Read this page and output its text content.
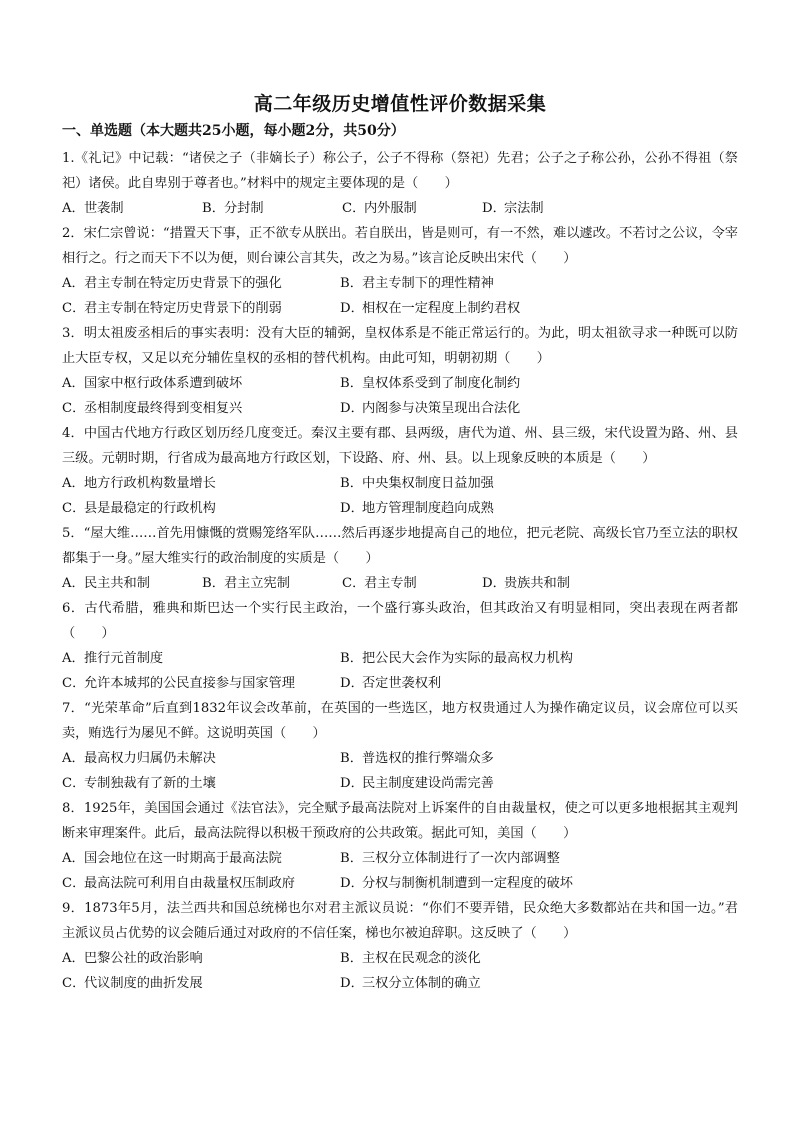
高二年级历史增值性评价数据采集
一、单选题（本大题共25小题，每小题2分，共50分）

1.《礼记》中记载：“诸侯之子（非嫡长子）称公子，公子不得称（祭祀）先君；公子之子称公孙，公孙不得祖（祭祀）诸侯。此自卑别于尊者也。”材料中的规定主要体现的是（　　）

A．世袭制	B．分封制	C．内外服制	D．宗法制

2．宋仁宗曾说：“措置天下事，正不欲专从朕出。若自朕出，皆是则可，有一不然，难以遽改。不若讨之公议，令宰相行之。行之而天下不以为便，则台谏公言其失，改之为易。”该言论反映出宋代（　　）

A．君主专制在特定历史背景下的强化	B．君主专制下的理性精神
C．君主专制在特定历史背景下的削弱	D．相权在一定程度上制约君权

3．明太祖废丞相后的事实表明：没有大臣的辅弼，皇权体系是不能正常运行的。为此，明太祖欲寻求一种既可以防止大臣专权，又足以充分辅佐皇权的丞相的替代机构。由此可知，明朝初期（　　）

A．国家中枢行政体系遭到破坏	B．皇权体系受到了制度化制约
C．丞相制度最终得到变相复兴	D．内阁参与决策呈现出合法化

4．中国古代地方行政区划历经几度变迁。秦汉主要有郡、县两级，唐代为道、州、县三级，宋代设置为路、州、县三级。元朝时期，行省成为最高地方行政区划，下设路、府、州、县。以上现象反映的本质是（　　）

A．地方行政机构数量增长	B．中央集权制度日益加强
C．县是最稳定的行政机构	D．地方管理制度趋向成熟

5．“屋大维……首先用慷慨的赏赐笼络军队……然后再逐步地提高自己的地位，把元老院、高级长官乃至立法的职权都集于一身。”屋大维实行的政治制度的实质是（　　）

A．民主共和制	B．君主立宪制	C．君主专制	D．贵族共和制

6．古代希腊，雅典和斯巴达一个实行民主政治，一个盛行寡头政治，但其政治又有明显相同，突出表现在两者都（　　）

A．推行元首制度	B．把公民大会作为实际的最高权力机构
C．允许本城邦的公民直接参与国家管理	D．否定世袭权利

7．“光荣革命”后直到1832年议会改革前，在英国的一些选区，地方权贵通过人为操作确定议员，议会席位可以买卖，贿选行为屡见不鲜。这说明英国（　　）

A．最高权力归属仍未解决	B．普选权的推行弊端众多
C．专制独裁有了新的土壤	D．民主制度建设尚需完善

8．1925年，美国国会通过《法官法》，完全赋予最高法院对上诉案件的自由裁量权，使之可以更多地根据其主观判断来审理案件。此后，最高法院得以积极干预政府的公共政策。据此可知，美国（　　）

A．国会地位在这一时期高于最高法院	B．三权分立体制进行了一次内部调整
C．最高法院可利用自由裁量权压制政府	D．分权与制衡机制遭到一定程度的破坏

9．1873年5月，法兰西共和国总统梯也尔对君主派议员说：“你们不要弄错，民众绝大多数都站在共和国一边。”君主派议员占优势的议会随后通过对政府的不信任案，梯也尔被迫辞职。这反映了（　　）

A．巴黎公社的政治影响	B．主权在民观念的淡化
C．代议制度的曲折发展	D．三权分立体制的确立
